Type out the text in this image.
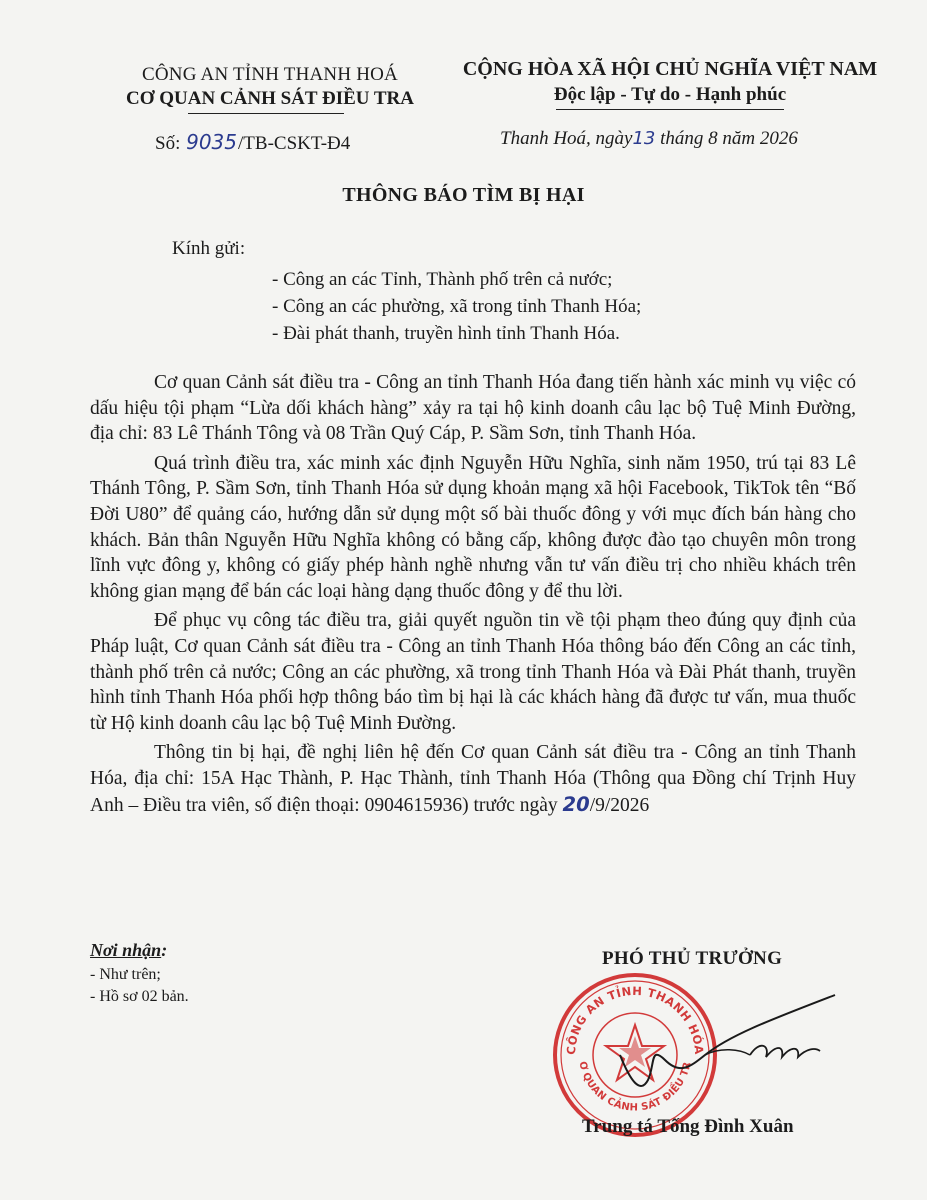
CÔNG AN TỈNH THANH HOÁ
CƠ QUAN CẢNH SÁT ĐIỀU TRA
CỘNG HÒA XÃ HỘI CHỦ NGHĨA VIỆT NAM
Độc lập - Tự do - Hạnh phúc
Số: 9035/TB-CSKT-Đ4	Thanh Hoá, ngày13 tháng 8 năm 2026
THÔNG BÁO TÌM BỊ HẠI
Kính gửi:
- Công an các Tỉnh, Thành phố trên cả nước;
- Công an các phường, xã trong tỉnh Thanh Hóa;
- Đài phát thanh, truyền hình tỉnh Thanh Hóa.

Cơ quan Cảnh sát điều tra - Công an tỉnh Thanh Hóa đang tiến hành xác minh vụ việc có dấu hiệu tội phạm “Lừa dối khách hàng” xảy ra tại hộ kinh doanh câu lạc bộ Tuệ Minh Đường, địa chỉ: 83 Lê Thánh Tông và 08 Trần Quý Cáp, P. Sầm Sơn, tỉnh Thanh Hóa.

Quá trình điều tra, xác minh xác định Nguyễn Hữu Nghĩa, sinh năm 1950, trú tại 83 Lê Thánh Tông, P. Sầm Sơn, tỉnh Thanh Hóa sử dụng khoản mạng xã hội Facebook, TikTok tên “Bố Đời U80” để quảng cáo, hướng dẫn sử dụng một số bài thuốc đông y với mục đích bán hàng cho khách. Bản thân Nguyễn Hữu Nghĩa không có bằng cấp, không được đào tạo chuyên môn trong lĩnh vực đông y, không có giấy phép hành nghề nhưng vẫn tư vấn điều trị cho nhiều khách trên không gian mạng để bán các loại hàng dạng thuốc đông y để thu lời.

Để phục vụ công tác điều tra, giải quyết nguồn tin về tội phạm theo đúng quy định của Pháp luật, Cơ quan Cảnh sát điều tra - Công an tỉnh Thanh Hóa thông báo đến Công an các tỉnh, thành phố trên cả nước; Công an các phường, xã trong tỉnh Thanh Hóa và Đài Phát thanh, truyền hình tỉnh Thanh Hóa phối hợp thông báo tìm bị hại là các khách hàng đã được tư vấn, mua thuốc từ Hộ kinh doanh câu lạc bộ Tuệ Minh Đường.

Thông tin bị hại, đề nghị liên hệ đến Cơ quan Cảnh sát điều tra - Công an tỉnh Thanh Hóa, địa chỉ: 15A Hạc Thành, P. Hạc Thành, tỉnh Thanh Hóa (Thông qua Đồng chí Trịnh Huy Anh – Điều tra viên, số điện thoại: 0904615936) trước ngày 20/9/2026

Nơi nhận:
- Như trên;
- Hồ sơ 02 bản.
PHÓ THỦ TRƯỞNG
CÔNG AN TỈNH THANH HÓA
Ơ QUAN CẢNH SÁT ĐIỀU TR
Trung tá Tống Đình Xuân
